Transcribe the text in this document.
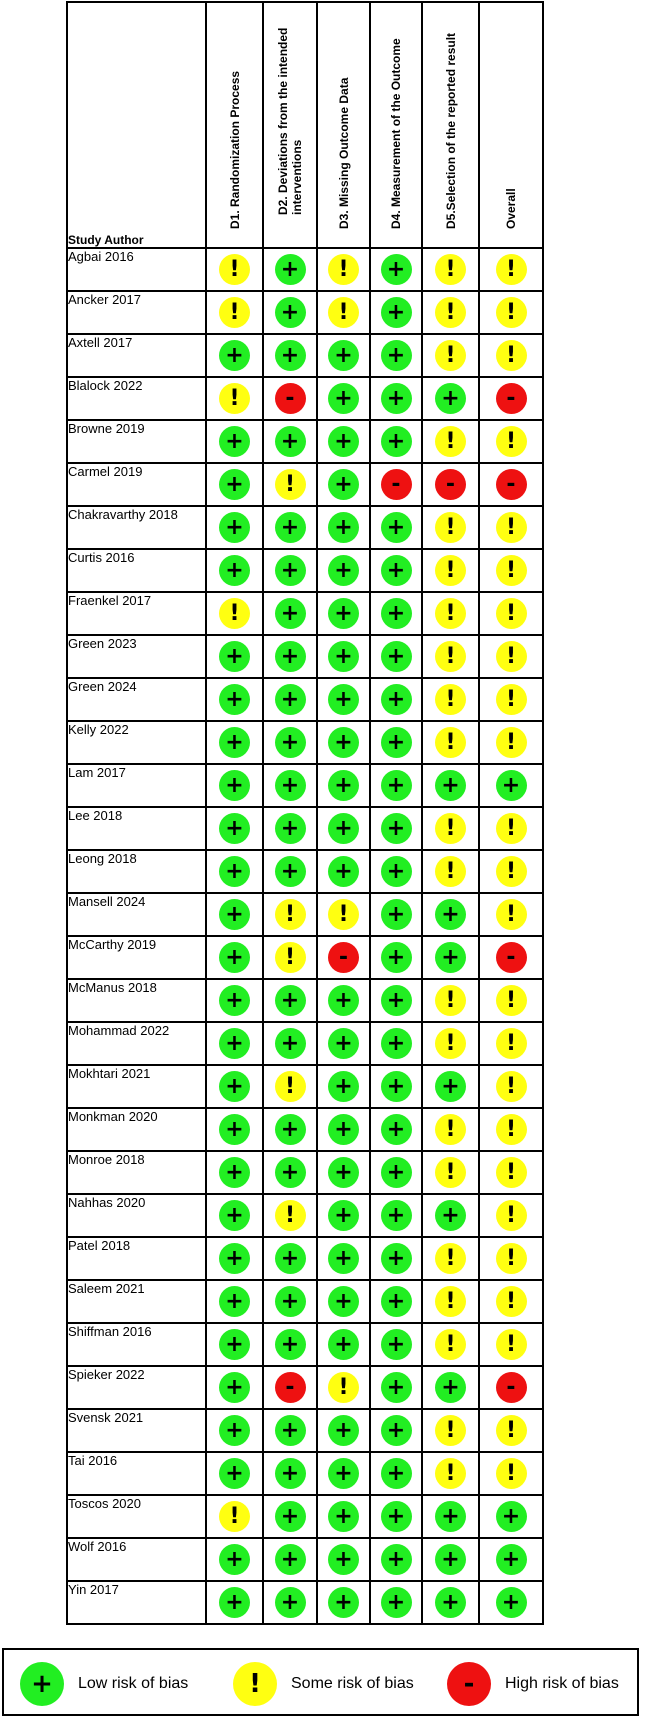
Study Author	D1. Randomization Process	D2. Deviations from the intended interventions	D3. Missing Outcome Data	D4. Measurement of the Outcome	D5.Selection of the reported result	Overall

Agbai 2016	!	+	!	+	!	!
Ancker 2017	!	+	!	+	!	!
Axtell 2017	+	+	+	+	!	!
Blalock 2022	!	-	+	+	+	-
Browne 2019	+	+	+	+	!	!
Carmel 2019	+	!	+	-	-	-
Chakravarthy 2018	+	+	+	+	!	!
Curtis 2016	+	+	+	+	!	!
Fraenkel 2017	!	+	+	+	!	!
Green 2023	+	+	+	+	!	!
Green 2024	+	+	+	+	!	!
Kelly 2022	+	+	+	+	!	!
Lam 2017	+	+	+	+	+	+
Lee 2018	+	+	+	+	!	!
Leong 2018	+	+	+	+	!	!
Mansell 2024	+	!	!	+	+	!
McCarthy 2019	+	!	-	+	+	-
McManus 2018	+	+	+	+	!	!
Mohammad 2022	+	+	+	+	!	!
Mokhtari 2021	+	!	+	+	+	!
Monkman 2020	+	+	+	+	!	!
Monroe 2018	+	+	+	+	!	!
Nahhas 2020	+	!	+	+	+	!
Patel 2018	+	+	+	+	!	!
Saleem 2021	+	+	+	+	!	!
Shiffman 2016	+	+	+	+	!	!
Spieker 2022	+	-	!	+	+	-
Svensk 2021	+	+	+	+	!	!
Tai 2016	+	+	+	+	!	!
Toscos 2020	!	+	+	+	+	+
Wolf 2016	+	+	+	+	+	+
Yin 2017	+	+	+	+	+	+
+	Low risk of bias	!	Some risk of bias	-	High risk of bias
